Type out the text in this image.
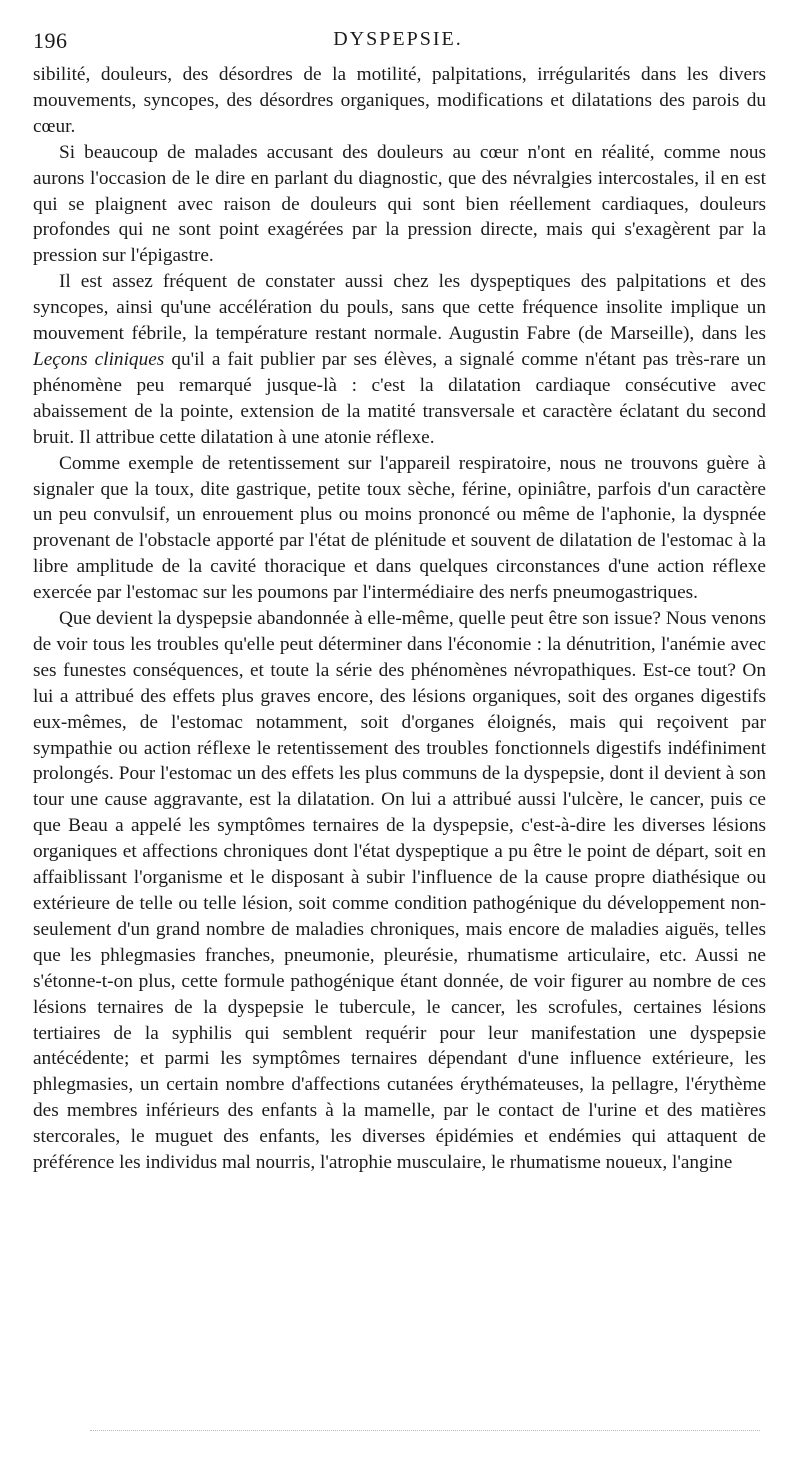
196	DYSPEPSIE.

sibilité, douleurs, des désordres de la motilité, palpitations, irrégularités dans les divers mouvements, syncopes, des désordres organiques, modifications et dilatations des parois du cœur.

Si beaucoup de malades accusant des douleurs au cœur n'ont en réalité, comme nous aurons l'occasion de le dire en parlant du diagnostic, que des névralgies intercostales, il en est qui se plaignent avec raison de douleurs qui sont bien réellement cardiaques, douleurs profondes qui ne sont point exagérées par la pression directe, mais qui s'exagèrent par la pression sur l'épigastre.

Il est assez fréquent de constater aussi chez les dyspeptiques des palpitations et des syncopes, ainsi qu'une accélération du pouls, sans que cette fréquence insolite implique un mouvement fébrile, la température restant normale. Augustin Fabre (de Marseille), dans les Leçons cliniques qu'il a fait publier par ses élèves, a signalé comme n'étant pas très-rare un phénomène peu remarqué jusque-là : c'est la dilatation cardiaque consécutive avec abaissement de la pointe, extension de la matité transversale et caractère éclatant du second bruit. Il attribue cette dilatation à une atonie réflexe.

Comme exemple de retentissement sur l'appareil respiratoire, nous ne trouvons guère à signaler que la toux, dite gastrique, petite toux sèche, férine, opiniâtre, parfois d'un caractère un peu convulsif, un enrouement plus ou moins prononcé ou même de l'aphonie, la dyspnée provenant de l'obstacle apporté par l'état de plénitude et souvent de dilatation de l'estomac à la libre amplitude de la cavité thoracique et dans quelques circonstances d'une action réflexe exercée par l'estomac sur les poumons par l'intermédiaire des nerfs pneumogastriques.

Que devient la dyspepsie abandonnée à elle-même, quelle peut être son issue? Nous venons de voir tous les troubles qu'elle peut déterminer dans l'économie : la dénutrition, l'anémie avec ses funestes conséquences, et toute la série des phénomènes névropathiques. Est-ce tout? On lui a attribué des effets plus graves encore, des lésions organiques, soit des organes digestifs eux-mêmes, de l'estomac notamment, soit d'organes éloignés, mais qui reçoivent par sympathie ou action réflexe le retentissement des troubles fonctionnels digestifs indéfiniment prolongés. Pour l'estomac un des effets les plus communs de la dyspepsie, dont il devient à son tour une cause aggravante, est la dilatation. On lui a attribué aussi l'ulcère, le cancer, puis ce que Beau a appelé les symptômes ternaires de la dyspepsie, c'est-à-dire les diverses lésions organiques et affections chroniques dont l'état dyspeptique a pu être le point de départ, soit en affaiblissant l'organisme et le disposant à subir l'influence de la cause propre diathésique ou extérieure de telle ou telle lésion, soit comme condition pathogénique du développement non-seulement d'un grand nombre de maladies chroniques, mais encore de maladies aiguës, telles que les phlegmasies franches, pneumonie, pleurésie, rhumatisme articulaire, etc. Aussi ne s'étonne-t-on plus, cette formule pathogénique étant donnée, de voir figurer au nombre de ces lésions ternaires de la dyspepsie le tubercule, le cancer, les scrofules, certaines lésions tertiaires de la syphilis qui semblent requérir pour leur manifestation une dyspepsie antécédente; et parmi les symptômes ternaires dépendant d'une influence extérieure, les phlegmasies, un certain nombre d'affections cutanées érythémateuses, la pellagre, l'érythème des membres inférieurs des enfants à la mamelle, par le contact de l'urine et des matières stercorales, le muguet des enfants, les diverses épidémies et endémies qui attaquent de préférence les individus mal nourris, l'atrophie musculaire, le rhumatisme noueux, l'angine
